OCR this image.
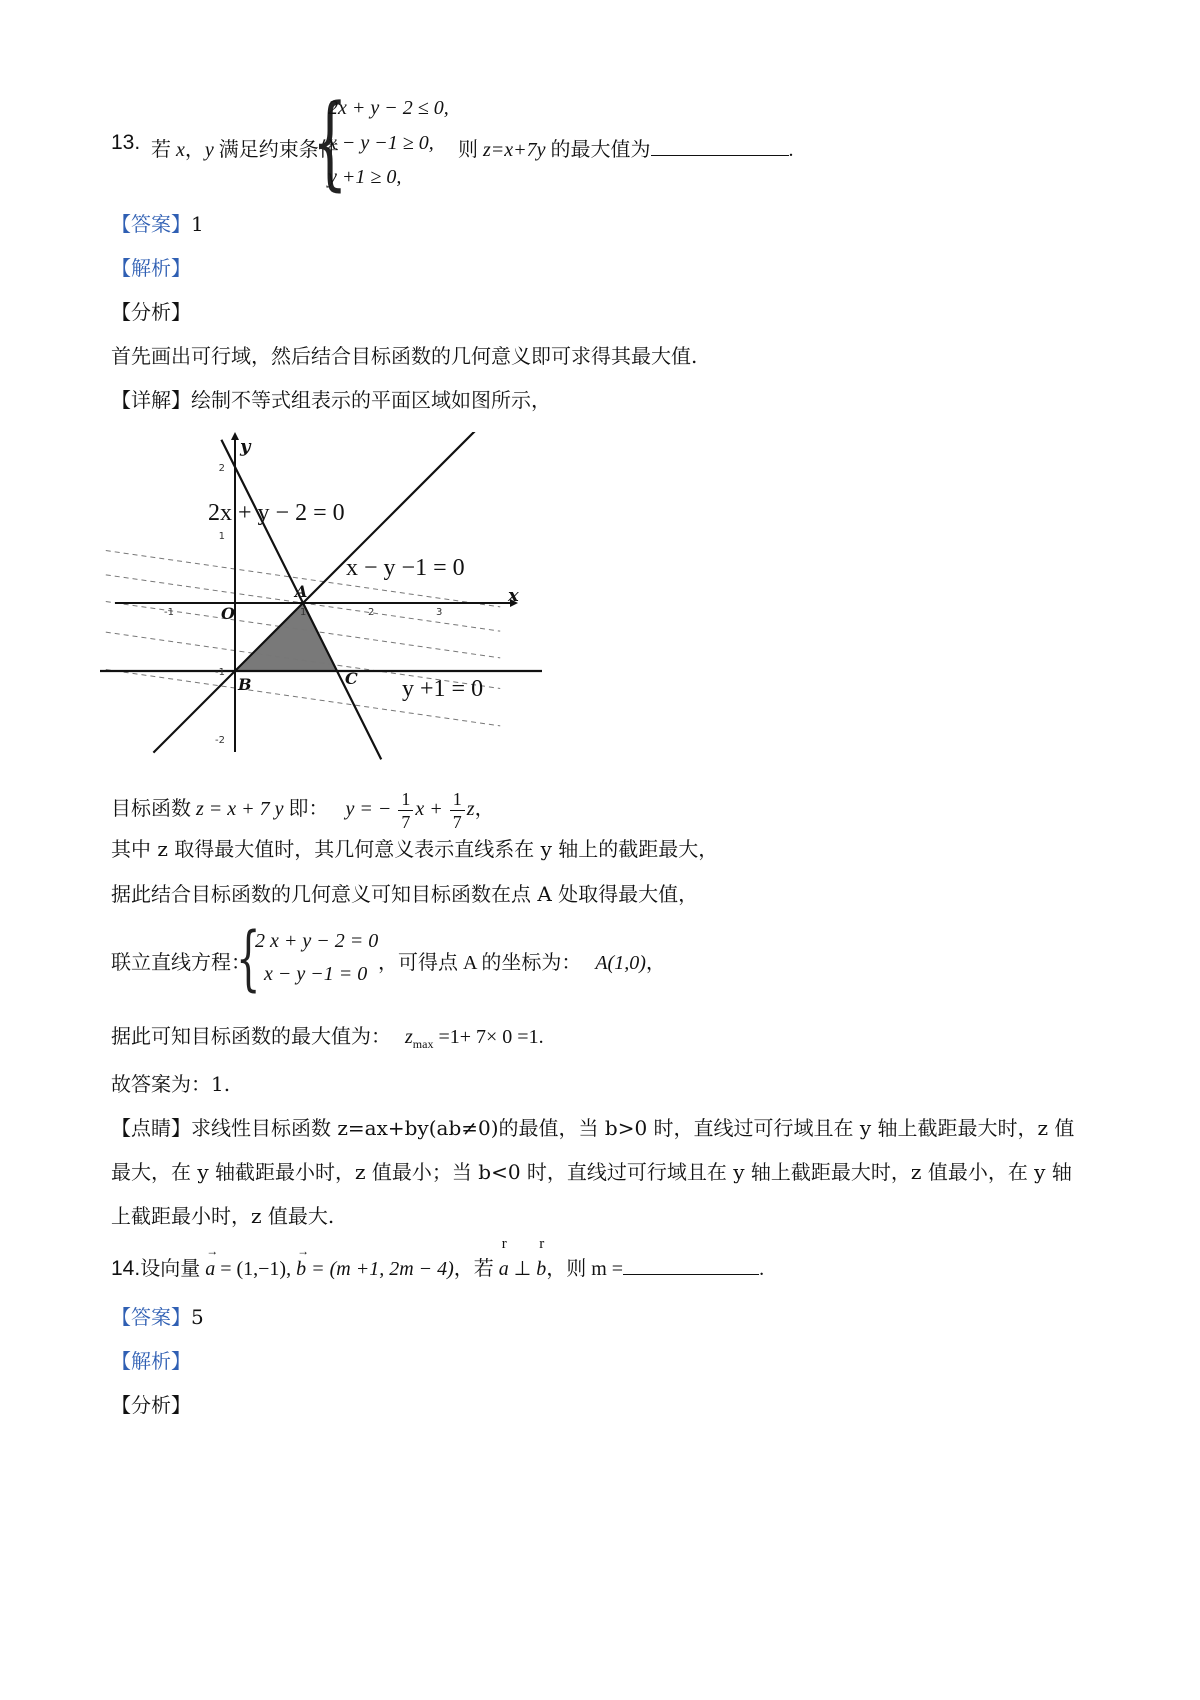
13. 若 x，y 满足约束条件
{
2x + y − 2 ≤ 0,
x − y −1 ≥ 0,
y +1 ≥ 0,
则 z=x+7y 的最大值为	.
【答案】1
【解析】
【分析】
首先画出可行域，然后结合目标函数的几何意义即可求得其最大值.
【详解】绘制不等式组表示的平面区域如图所示，
-1	1	2	3
2
1
-1
-2
x
y
A
B	C
O
2x + y − 2 = 0
x − y −1 = 0
y +1 = 0
目标函数 z = x + 7 y 即： y = − $\frac{1}{7}$ $x + \frac{1}{7}$ z，
其中 z 取得最大值时，其几何意义表示直线系在 y 轴上的截距最大，
据此结合目标函数的几何意义可知目标函数在点 A 处取得最大值，
联立直线方程：
{
2 x + y − 2 = 0
x − y −1 = 0 ，可得点 A 的坐标为： A(1,0)，
据此可知目标函数的最大值为： $z_{max} =1+ 7\times 0 =1$.
故答案为：1.
【点睛】求线性目标函数 z=ax+by(ab≠0)的最值，当 b>0 时，直线过可行域且在 y 轴上截距最大时，z 值
最大，在 y 轴截距最小时，z 值最小；当 b<0 时，直线过可行域且在 y 轴上截距最大时，z 值最小，在 y 轴
上截距最小时，z 值最大.
14.设向量
→
a = (1,−1),
→
b = (m +1, 2m − 4)，若
r
a ⊥
r
b，则 m =	.
【答案】5
【解析】
【分析】
